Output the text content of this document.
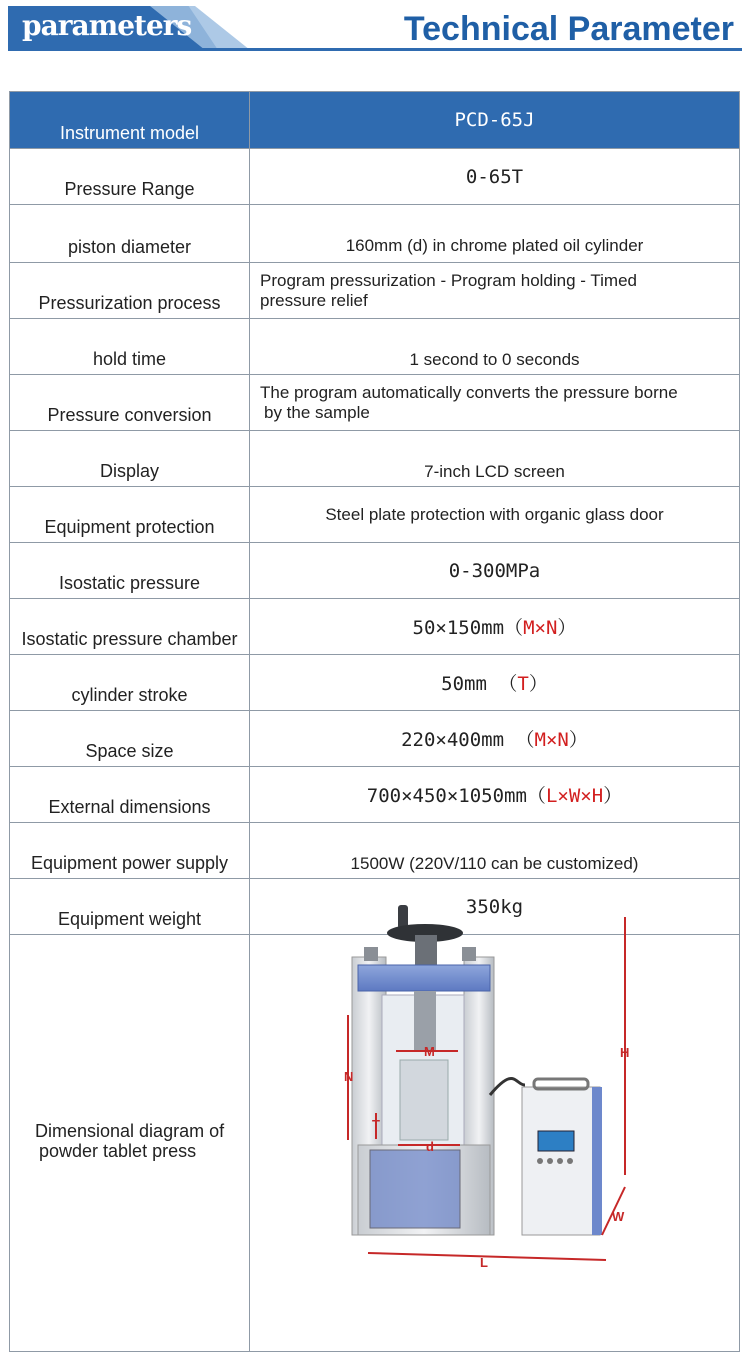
parameters	Technical Parameter
Instrument model	PCD-65J
Pressure Range	0-65T
piston diameter	160mm (d) in chrome plated oil cylinder
Pressurization process	Program pressurization - Program holding - Timed
pressure relief

hold time	1 second to 0 seconds
Pressure conversion	The program automatically converts the pressure borne
by the sample

Display	7-inch LCD screen
Equipment protection	Steel plate protection with organic glass door
Isostatic pressure	0-300MPa
Isostatic pressure chamber	50×150mm（M×N）
cylinder stroke	50mm （T）
Space size	220×400mm （M×N）
External dimensions	700×450×1050mm（L×W×H）
Equipment power supply	1500W (220V/110 can be customized)
Equipment weight	350kg

Dimensional diagram of
powder tablet press	

N
M
T
d
H
W
L
